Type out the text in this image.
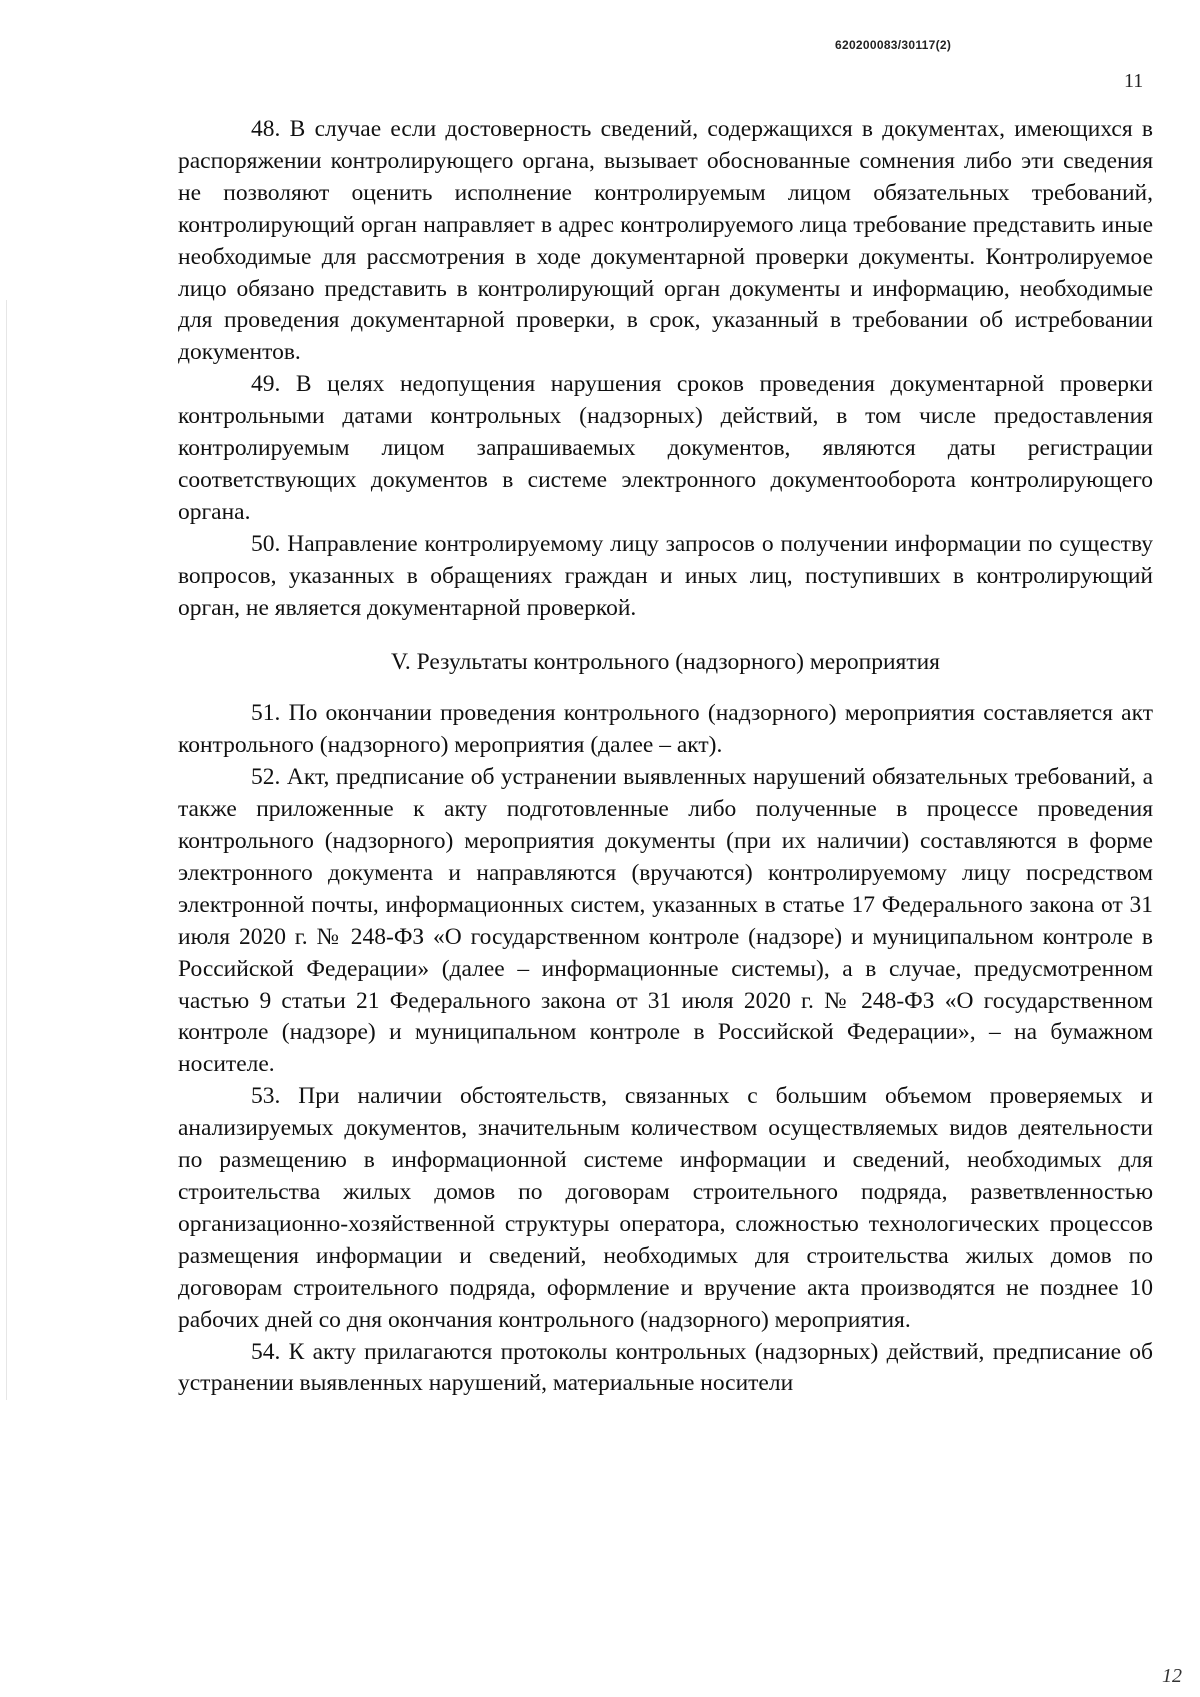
620200083/30117(2)
11

48. В случае если достоверность сведений, содержащихся в документах, имеющихся в распоряжении контролирующего органа, вызывает обоснованные сомнения либо эти сведения не позволяют оценить исполнение контролируемым лицом обязательных требований, контролирующий орган направляет в адрес контролируемого лица требование представить иные необходимые для рассмотрения в ходе документарной проверки документы. Контролируемое лицо обязано представить в контролирующий орган документы и информацию, необходимые для проведения документарной проверки, в срок, указанный в требовании об истребовании документов.

49. В целях недопущения нарушения сроков проведения документарной проверки контрольными датами контрольных (надзорных) действий, в том числе предоставления контролируемым лицом запрашиваемых документов, являются даты регистрации соответствующих документов в системе электронного документооборота контролирующего органа.

50. Направление контролируемому лицу запросов о получении информации по существу вопросов, указанных в обращениях граждан и иных лиц, поступивших в контролирующий орган, не является документарной проверкой.

V. Результаты контрольного (надзорного) мероприятия

51. По окончании проведения контрольного (надзорного) мероприятия составляется акт контрольного (надзорного) мероприятия (далее – акт).

52. Акт, предписание об устранении выявленных нарушений обязательных требований, а также приложенные к акту подготовленные либо полученные в процессе проведения контрольного (надзорного) мероприятия документы (при их наличии) составляются в форме электронного документа и направляются (вручаются) контролируемому лицу посредством электронной почты, информационных систем, указанных в статье 17 Федерального закона от 31 июля 2020 г. № 248-ФЗ «О государственном контроле (надзоре) и муниципальном контроле в Российской Федерации» (далее – информационные системы), а в случае, предусмотренном частью 9 статьи 21 Федерального закона от 31 июля 2020 г. № 248-ФЗ «О государственном контроле (надзоре) и муниципальном контроле в Российской Федерации», – на бумажном носителе.

53. При наличии обстоятельств, связанных с большим объемом проверяемых и анализируемых документов, значительным количеством осуществляемых видов деятельности по размещению в информационной системе информации и сведений, необходимых для строительства жилых домов по договорам строительного подряда, разветвленностью организационно-хозяйственной структуры оператора, сложностью технологических процессов размещения информации и сведений, необходимых для строительства жилых домов по договорам строительного подряда, оформление и вручение акта производятся не позднее 10 рабочих дней со дня окончания контрольного (надзорного) мероприятия.

54. К акту прилагаются протоколы контрольных (надзорных) действий, предписание об устранении выявленных нарушений, материальные носители

12
